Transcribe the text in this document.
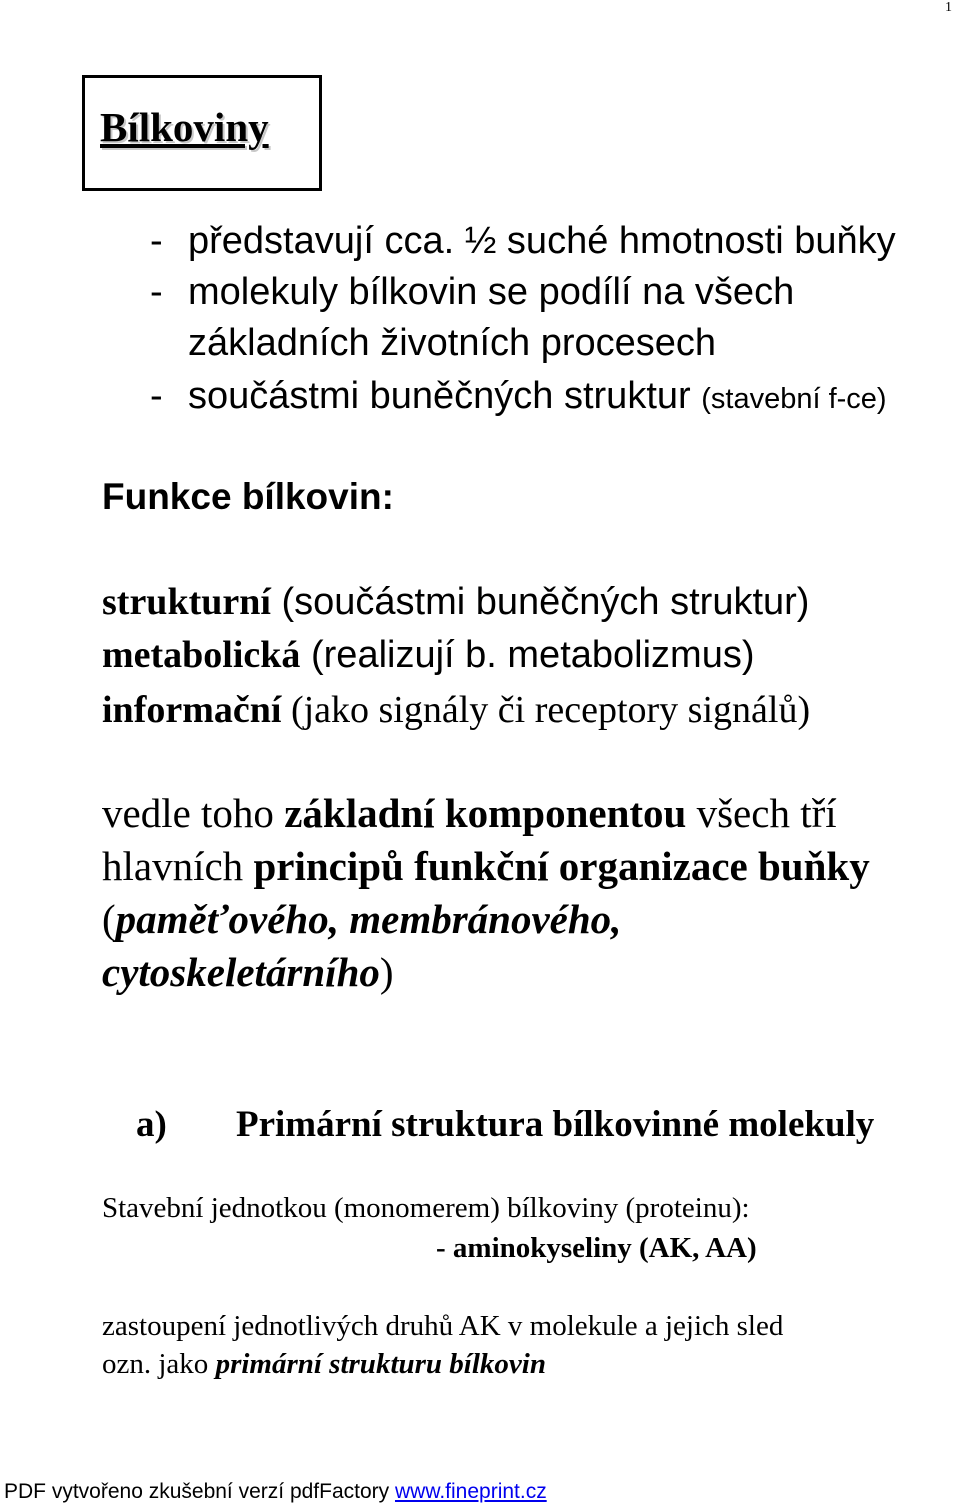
1
Bílkoviny
- představují cca. ½ suché hmotnosti buňky
- molekuly bílkovin se podílí na všech
základních životních procesech
- součástmi buněčných struktur (stavební f-ce)
Funkce bílkovin:
strukturní (součástmi buněčných struktur)
metabolická (realizují b. metabolizmus)
informační (jako signály či receptory signálů)
vedle toho základní komponentou všech tří
hlavních principů funkční organizace buňky
(paměťového, membránového,
cytoskeletárního)
a) Primární struktura bílkovinné molekuly
Stavební jednotkou (monomerem) bílkoviny (proteinu):
- aminokyseliny (AK, AA)
zastoupení jednotlivých druhů AK v molekule a jejich sled
ozn. jako primární strukturu bílkovin
PDF vytvořeno zkušební verzí pdfFactory www.fineprint.cz
